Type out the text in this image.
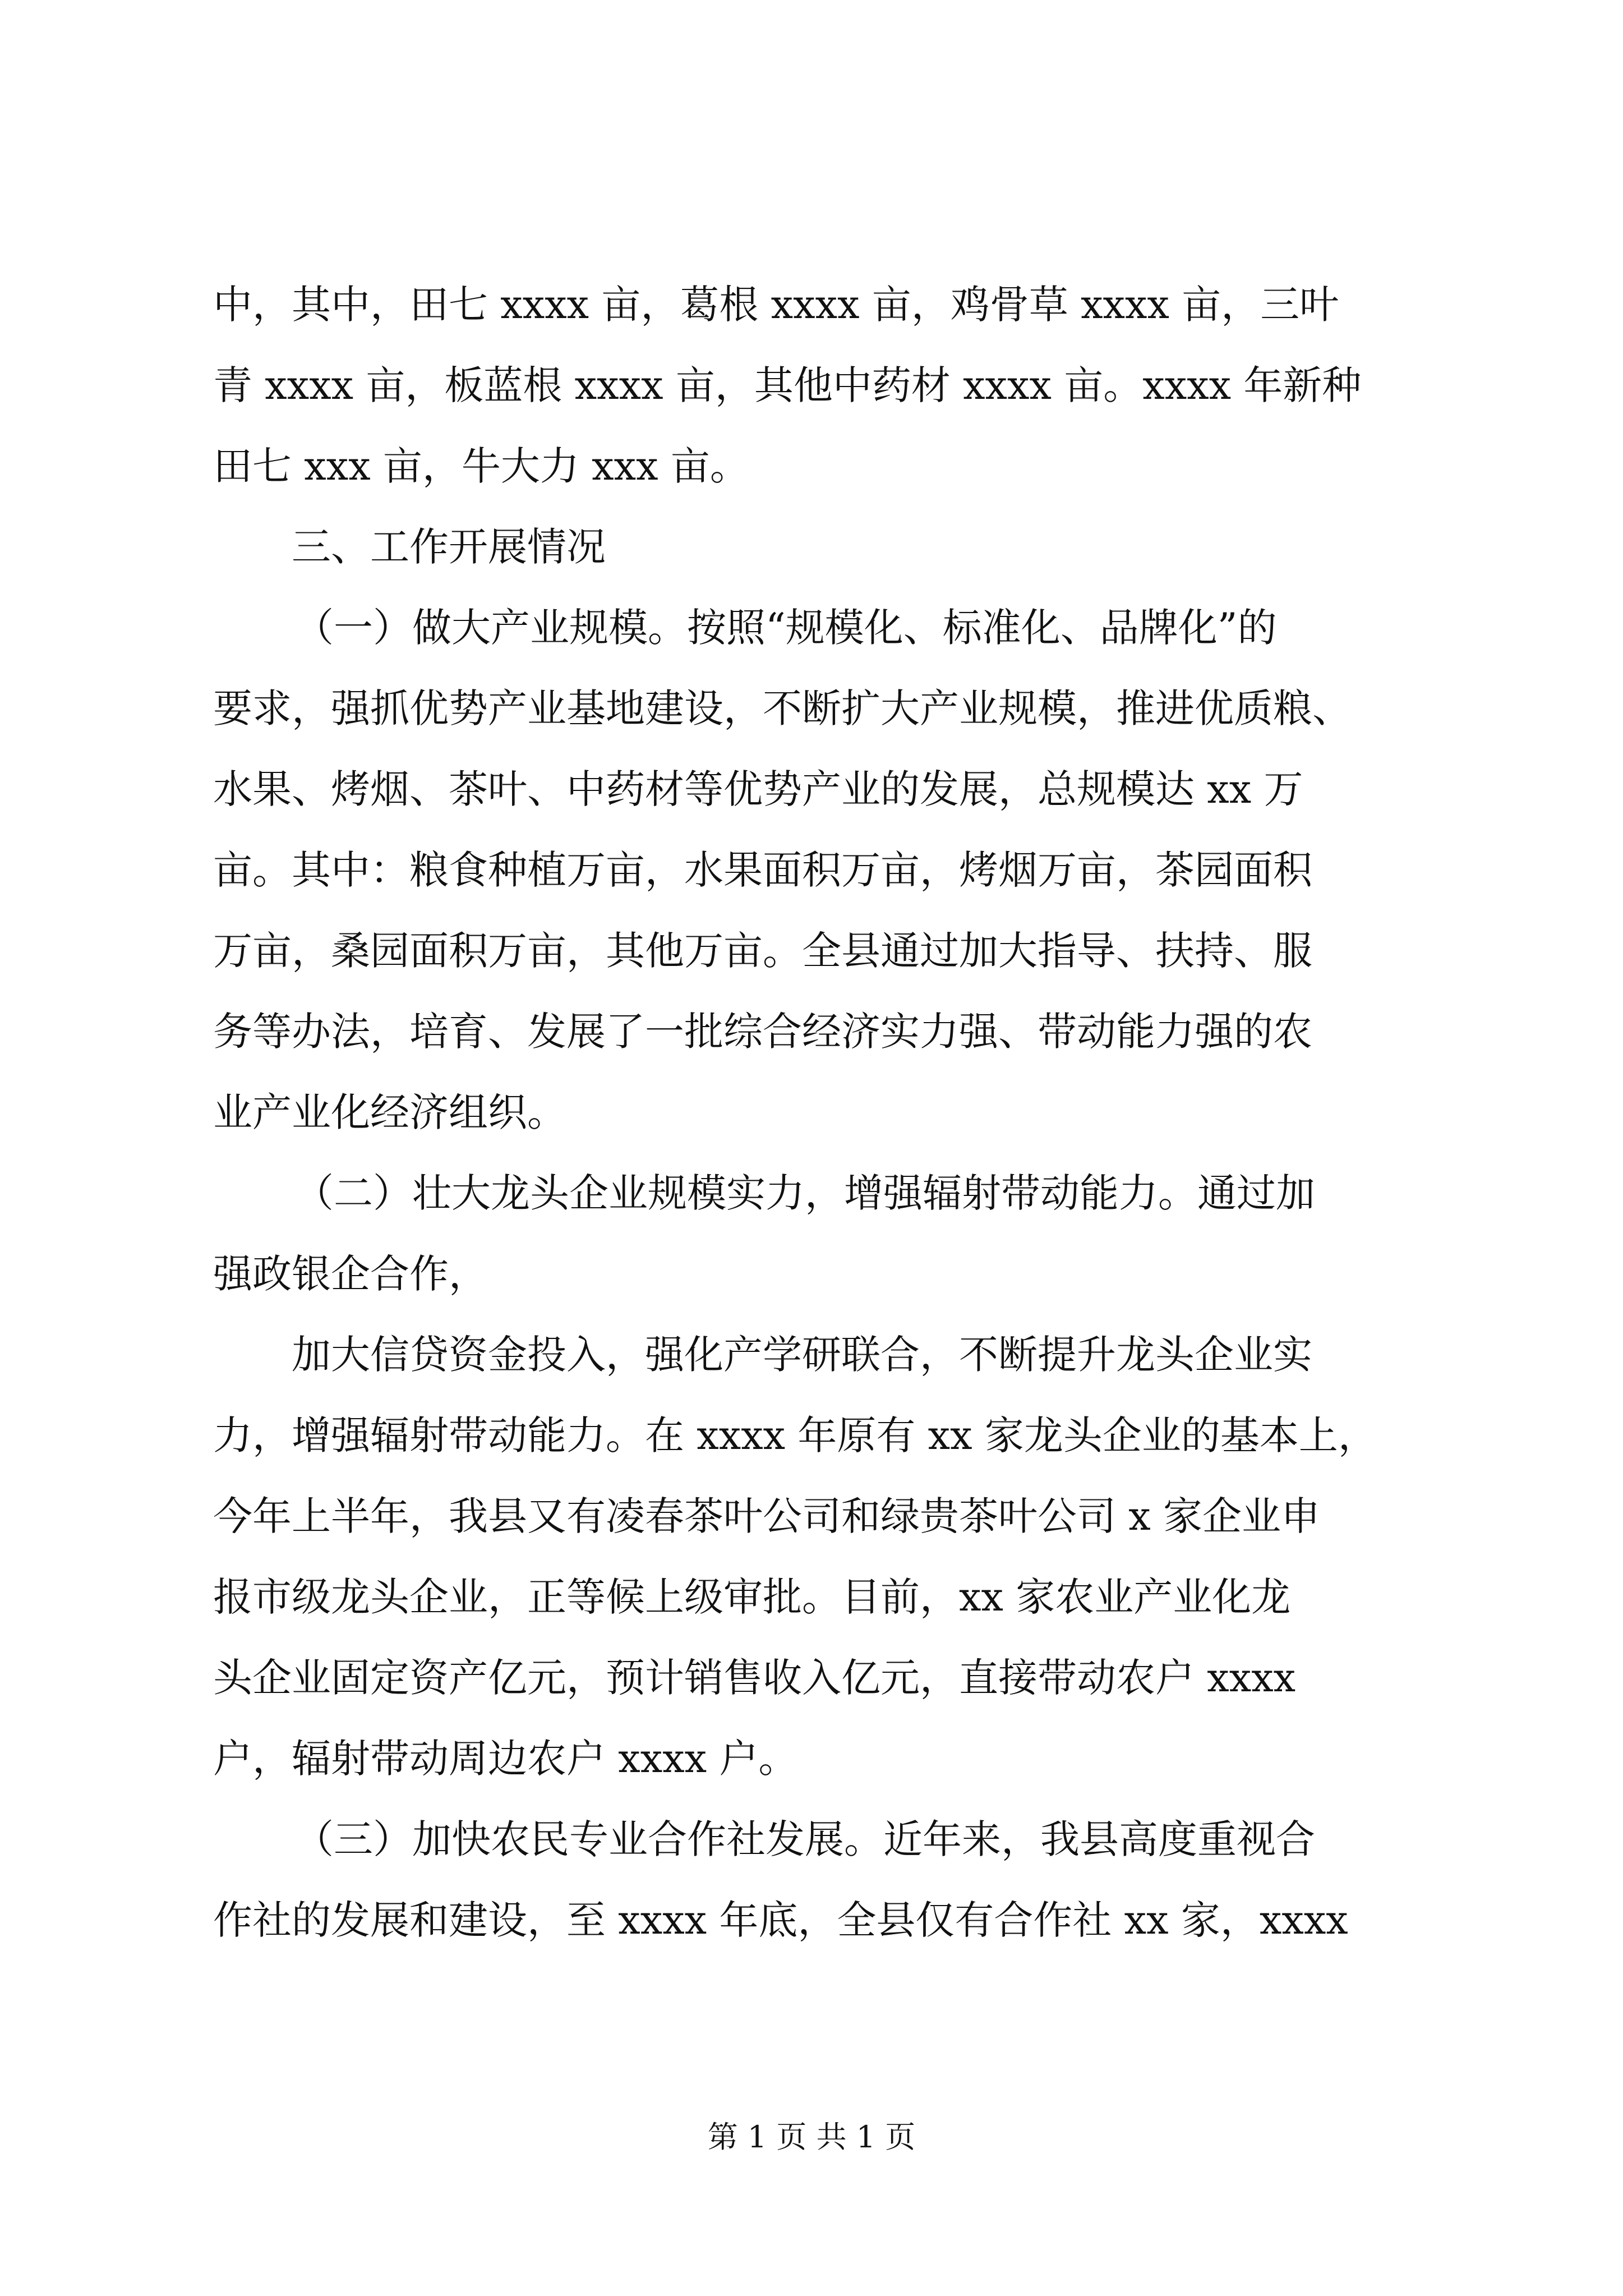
中，其中，田七 xxxx 亩，葛根 xxxx 亩，鸡骨草 xxxx 亩，三叶
青 xxxx 亩，板蓝根 xxxx 亩，其他中药材 xxxx 亩。xxxx 年新种
田七 xxx 亩，牛大力 xxx 亩。
三、工作开展情况
（一）做大产业规模。按照“规模化、标准化、品牌化”的
要求，强抓优势产业基地建设，不断扩大产业规模，推进优质粮、
水果、烤烟、茶叶、中药材等优势产业的发展，总规模达 xx 万
亩。其中：粮食种植万亩，水果面积万亩，烤烟万亩，茶园面积
万亩，桑园面积万亩，其他万亩。全县通过加大指导、扶持、服
务等办法，培育、发展了一批综合经济实力强、带动能力强的农
业产业化经济组织。
（二）壮大龙头企业规模实力，增强辐射带动能力。通过加
强政银企合作，
加大信贷资金投入，强化产学研联合，不断提升龙头企业实
力，增强辐射带动能力。在 xxxx 年原有 xx 家龙头企业的基本上，
今年上半年，我县又有凌春茶叶公司和绿贵茶叶公司 x 家企业申
报市级龙头企业，正等候上级审批。目前，xx 家农业产业化龙
头企业固定资产亿元，预计销售收入亿元，直接带动农户 xxxx
户，辐射带动周边农户 xxxx 户。
（三）加快农民专业合作社发展。近年来，我县高度重视合
作社的发展和建设，至 xxxx 年底，全县仅有合作社 xx 家，xxxx
第 1 页 共 1 页
